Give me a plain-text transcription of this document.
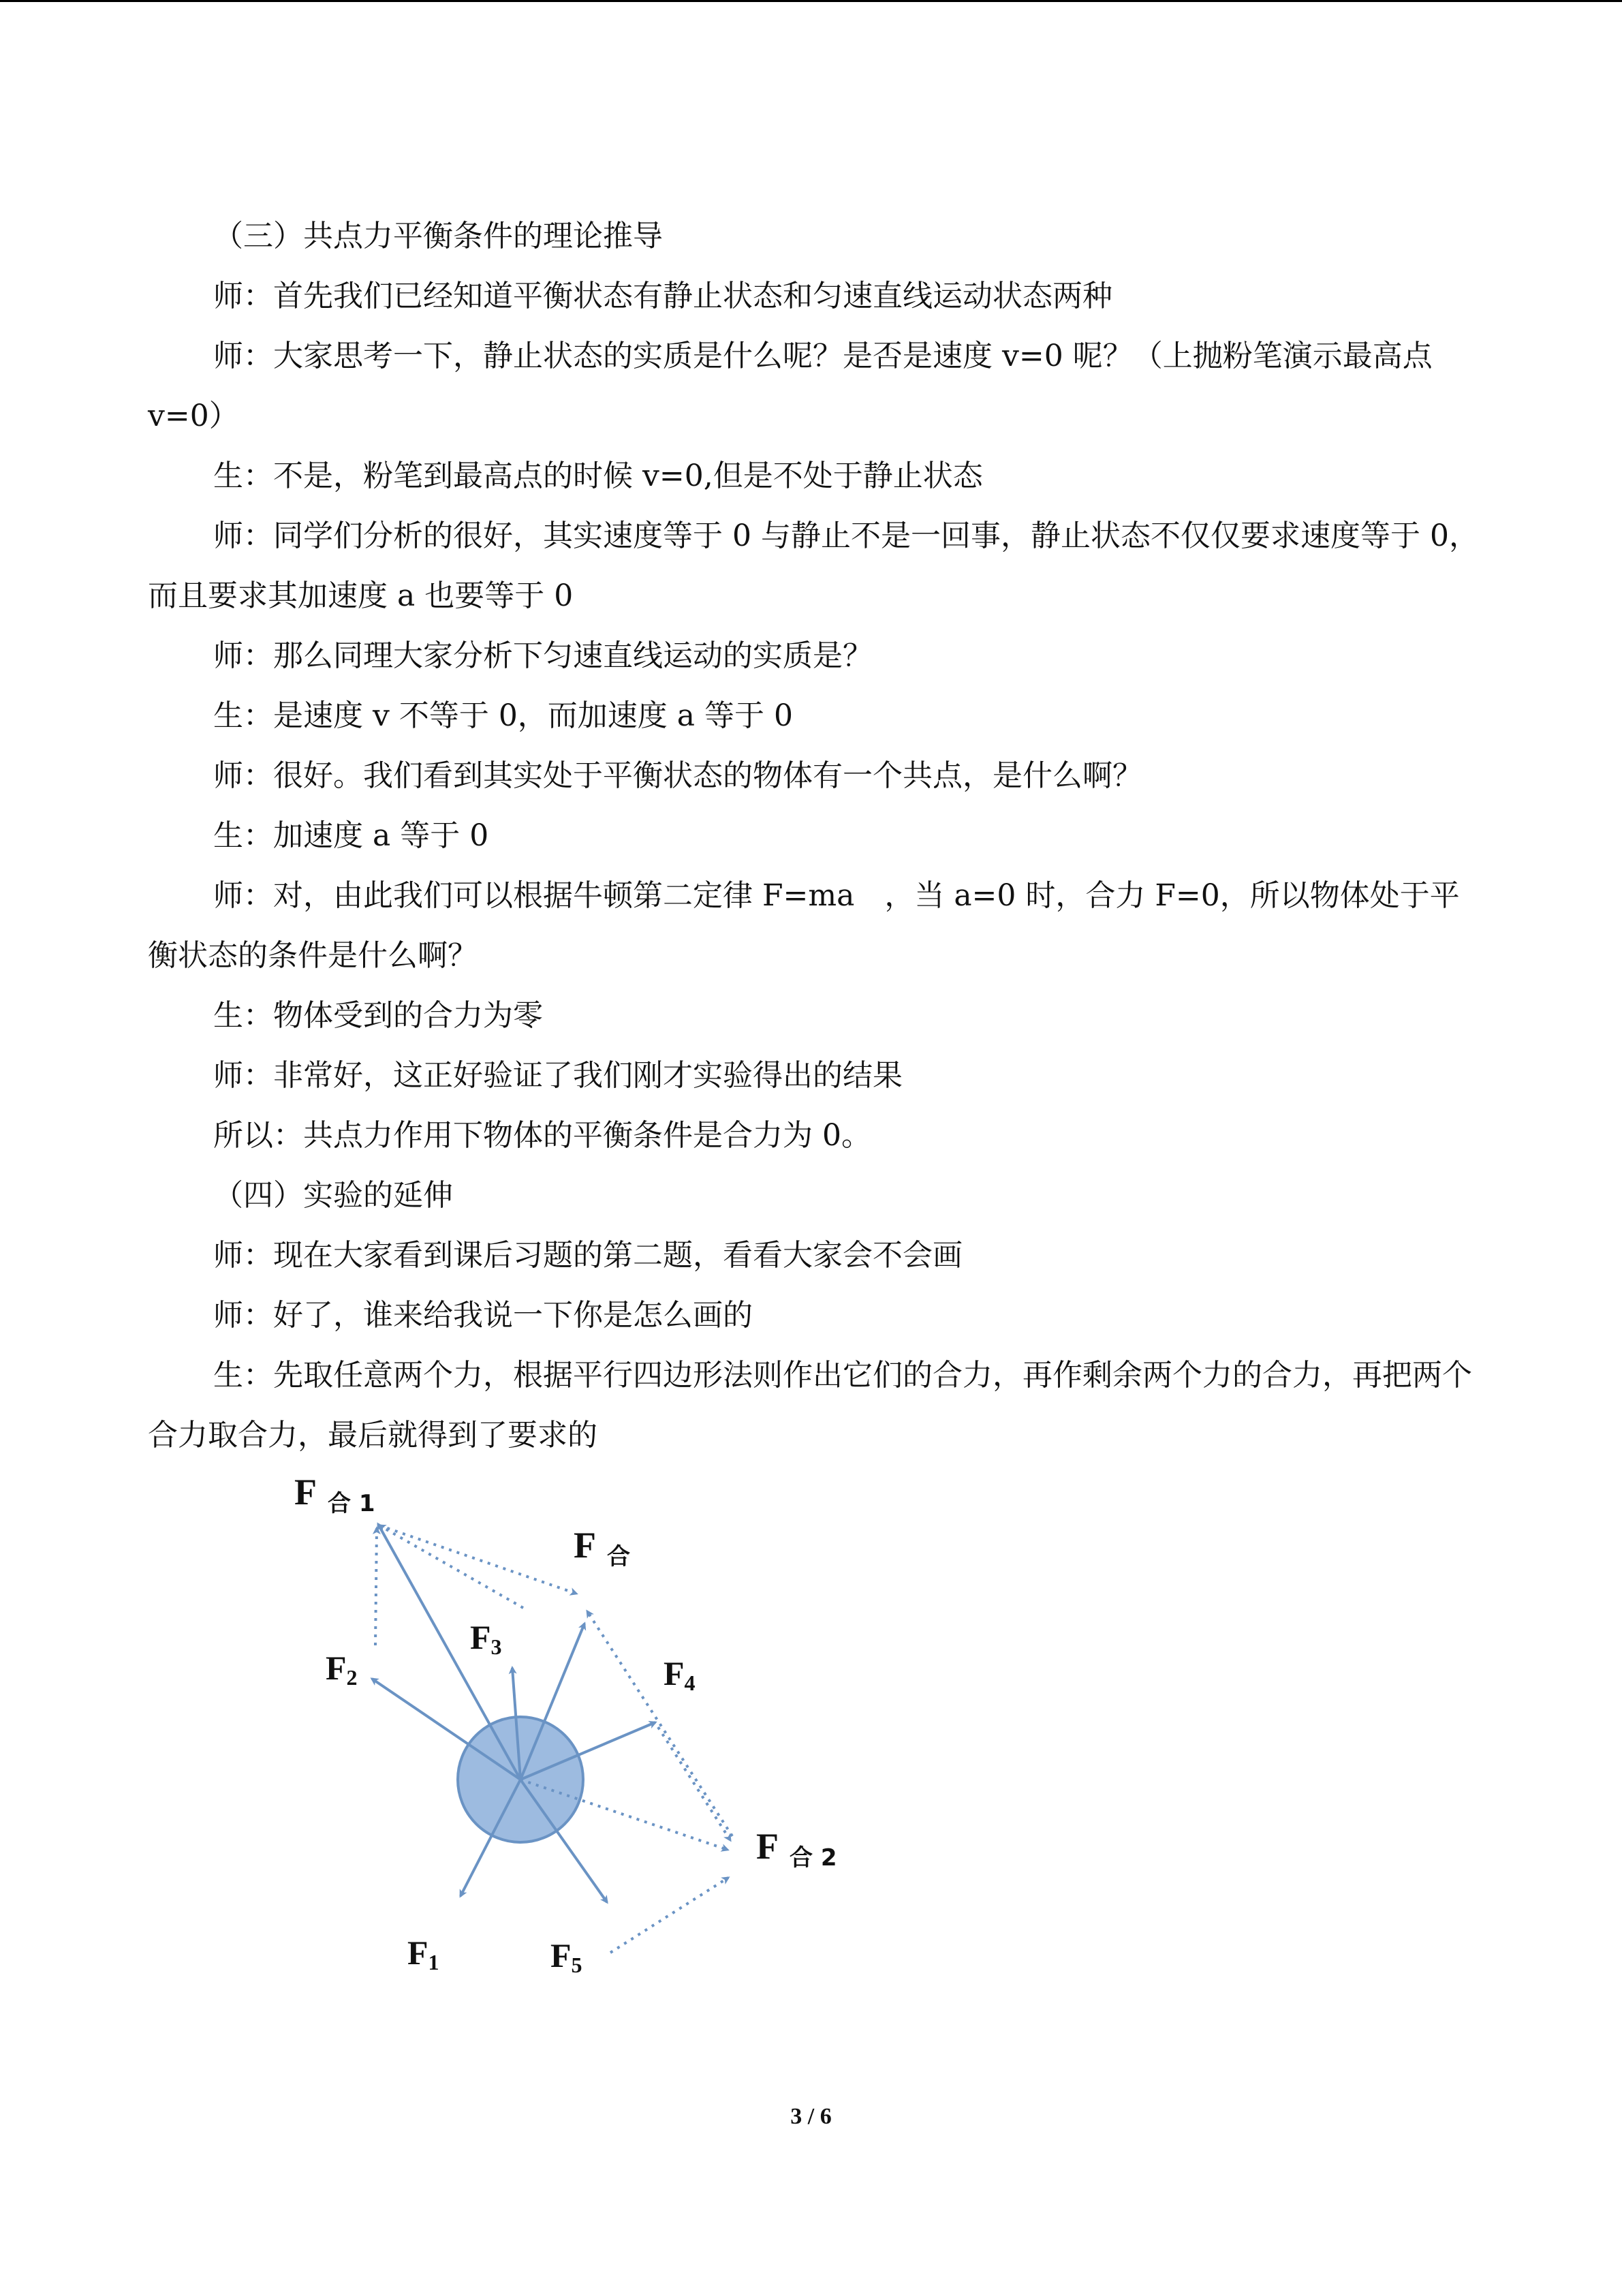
（三）共点力平衡条件的理论推导

师：首先我们已经知道平衡状态有静止状态和匀速直线运动状态两种

师：大家思考一下，静止状态的实质是什么呢？是否是速度 v=0 呢？（上抛粉笔演示最高点 v=0）

生：不是，粉笔到最高点的时候 v=0,但是不处于静止状态

师：同学们分析的很好，其实速度等于 0 与静止不是一回事，静止状态不仅仅要求速度等于 0，而且要求其加速度 a 也要等于 0

师：那么同理大家分析下匀速直线运动的实质是？

生：是速度 v 不等于 0，而加速度 a 等于 0

师：很好。我们看到其实处于平衡状态的物体有一个共点，是什么啊？

生：加速度 a 等于 0

师：对，由此我们可以根据牛顿第二定律 F=ma　，当 a=0 时，合力 F=0，所以物体处于平衡状态的条件是什么啊？

生：物体受到的合力为零

师：非常好，这正好验证了我们刚才实验得出的结果

所以：共点力作用下物体的平衡条件是合力为 0。

（四）实验的延伸

师：现在大家看到课后习题的第二题，看看大家会不会画

师：好了，谁来给我说一下你是怎么画的

生：先取任意两个力，根据平行四边形法则作出它们的合力，再作剩余两个力的合力，再把两个合力取合力，最后就得到了要求的

F $_{合 1}$
F $_合$
$F_3$
$F_2$	$F_4$
F $_{合 2}$
$F_1$	$F_5$
3 / 6
